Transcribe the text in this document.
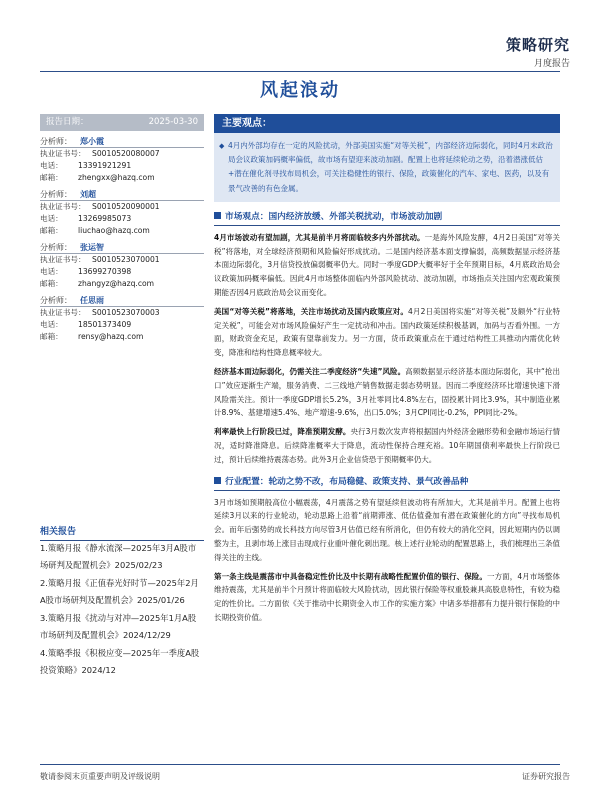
策略研究
月度报告
风起浪动
报告日期：	2025-03-30
分析师： 郑小霞
执业证书号： S0010520080007
电话：	13391921291
邮箱：	zhengxx@hazq.com
分析师： 刘超
执业证书号： S0010520090001
电话：	13269985073
邮箱：	liuchao@hazq.com
分析师： 张运智
执业证书号： S0010523070001
电话：	13699270398
邮箱：	zhangyz@hazq.com
分析师： 任思雨
执业证书号： S0010523070003
电话：	18501373409
邮箱：	rensy@hazq.com
相关报告
1.策略月报《静水流深—2025年3月A股市场研判及配置机会》2025/02/23
2.策略月报《正值春光好时节—2025年2月A股市场研判及配置机会》2025/01/26
3.策略月报《扰动与对冲—2025年1月A股市场研判及配置机会》2024/12/29
4.策略季报《积极应变—2025年一季度A股投资策略》2024/12
主要观点：
◆ 4月内外部均存在一定的风险扰动，外部美国实施“对等关税”，内部经济边际弱化，同时4月末政治局会议政策加码概率偏低，故市场有望迎来波动加剧。配置上也将延续轮动之势，沿着潜涨低估+潜在催化剂寻找布局机会，可关注稳健性的银行、保险，政策催化的汽车、家电、医药，以及有景气改善的有色金属。
市场观点：国内经济放缓、外部关税扰动，市场波动加剧
4月市场波动有望加剧，尤其是前半月将面临较多内外部扰动。一是海外风险发酵，4月2日美国“对等关税”将落地，对全球经济预期和风险偏好形成扰动。二是国内经济基本面支撑偏弱，高频数据显示经济基本面边际弱化，3月信贷投放偏弱概率仍大。同时一季度GDP大概率好于全年预期目标，4月底政治局会议政策加码概率偏低。因此4月市场整体面临内外部风险扰动、波动加剧，市场指点关注国内宏观政策预期能否因4月底政治局会议而变化。
美国“对等关税”将落地，关注市场扰动及国内政策应对。4月2日美国将实施“对等关税”及额外“行业特定关税”，可能会对市场风险偏好产生一定扰动和冲击。国内政策延续积极基调，加码与否看外围。一方面，财政资金充足，政策有望靠前发力。另一方面，货币政策重点在于通过结构性工具推动内需优化转变，降准和结构性降息概率较大。
经济基本面边际弱化，仍需关注二季度经济“失速”风险。高频数据显示经济基本面边际弱化，其中“抢出口”效应逐渐生产端，服务消费、二三线地产销售数据走弱态势明显。因而二季度经济环比增速快速下滑风险需关注。预计一季度GDP增长5.2%，3月社零同比4.8%左右，固投累计同比3.9%，其中制造业累计8.9%、基建增速5.4%、地产增速-9.6%，出口5.0%；3月CPI同比-0.2%，PPI同比-2%。
利率最快上行阶段已过，降准预期发酵。央行3月数次发声将根据国内外经济金融形势和金融市场运行情况，适时降准降息。后续降准概率大于降息，流动性保持合理充裕。10年期国债利率最快上行阶段已过，预计后续维持震荡态势。此外3月企业信贷恐于预期概率仍大。
行业配置：轮动之势不改，布局稳健、政策支持、景气改善品种
3月市场如预期般高位小幅震荡，4月震荡之势有望延续但波动将有所加大，尤其是前半月。配置上也将延续3月以来的行业轮动，轮动思路上沿着“前期滞涨、低估值叠加有潜在政策催化的方向”寻找布局机会。而年后强势的成长科技方向尽管3月估值已经有所消化，但仍有较大的消化空间，因此短期内仍以调整为主，且剥市场上涨目击现成行业重叶催化刺出现。核上述行业轮动的配置思路上，我们梳理出三条值得关注的主线。
第一条主线是震荡市中具备稳定性价比及中长期有战略性配置价值的银行、保险。一方面，4月市场整体维持震荡，尤其是前半个月预计将面临较大风险扰动，因此银行保险等权重股兼具高股息特性，有较为稳定的性价比。二方面依《关于推动中长期资金入市工作的实施方案》中诸多举措都有力提升银行保险的中长期投资价值。
敬请参阅末页重要声明及评级说明	证券研究报告
